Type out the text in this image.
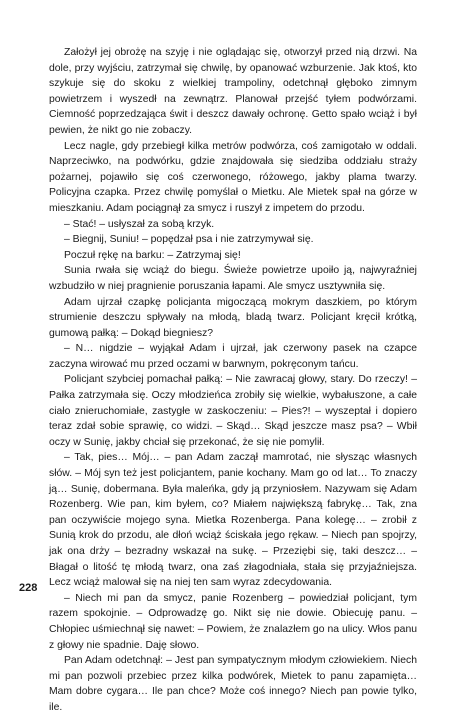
Założył jej obrożę na szyję i nie oglądając się, otworzył przed nią drzwi. Na dole, przy wyjściu, zatrzymał się chwilę, by opanować wzburzenie. Jak ktoś, kto szykuje się do skoku z wielkiej trampoliny, odetchnął głęboko zimnym powietrzem i wyszedł na zewnątrz. Planował przejść tyłem podwórzami. Ciemność poprzedzająca świt i deszcz dawały ochronę. Getto spało wciąż i był pewien, że nikt go nie zobaczy.

Lecz nagle, gdy przebiegł kilka metrów podwórza, coś zamigotało w oddali. Naprzeciwko, na podwórku, gdzie znajdowała się siedziba oddziału straży pożarnej, pojawiło się coś czerwonego, różowego, jakby plama twarzy. Policyjna czapka. Przez chwilę pomyślał o Mietku. Ale Mietek spał na górze w mieszkaniu. Adam pociągnął za smycz i ruszył z impetem do przodu.

– Stać! – usłyszał za sobą krzyk.

– Biegnij, Suniu! – popędzał psa i nie zatrzymywał się.

Poczuł rękę na barku: – Zatrzymaj się!

Sunia rwała się wciąż do biegu. Świeże powietrze upoiło ją, najwyraźniej wzbudziło w niej pragnienie poruszania łapami. Ale smycz usztywniła się.

Adam ujrzał czapkę policjanta migoczącą mokrym daszkiem, po którym strumienie deszczu spływały na młodą, bladą twarz. Policjant kręcił krótką, gumową pałką: – Dokąd biegniesz?

– N… nigdzie – wyjąkał Adam i ujrzał, jak czerwony pasek na czapce zaczyna wirować mu przed oczami w barwnym, pokręconym tańcu.

Policjant szybciej pomachał pałką: – Nie zawracaj głowy, stary. Do rzeczy! – Pałka zatrzymała się. Oczy młodzieńca zrobiły się wielkie, wybałuszone, a całe ciało znieruchomiałe, zastygłe w zaskoczeniu: – Pies?! – wyszeptał i dopiero teraz zdał sobie sprawię, co widzi. – Skąd… Skąd jeszcze masz psa? – Wbił oczy w Sunię, jakby chciał się przekonać, że się nie pomylił.

– Tak, pies… Mój… – pan Adam zaczął mamrotać, nie słysząc własnych słów. – Mój syn też jest policjantem, panie kochany. Mam go od lat… To znaczy ją… Sunię, dobermana. Była maleńka, gdy ją przyniosłem. Nazywam się Adam Rozenberg. Wie pan, kim byłem, co? Miałem największą fabrykę… Tak, zna pan oczywiście mojego syna. Mietka Rozenberga. Pana kolegę… – zrobił z Sunią krok do przodu, ale dłoń wciąż ściskała jego rękaw. – Niech pan spojrzy, jak ona drży – bezradny wskazał na sukę. – Przeziębi się, taki deszcz… – Błagał o litość tę młodą twarz, ona zaś złagodniała, stała się przyjaźniejsza. Lecz wciąż malował się na niej ten sam wyraz zdecydowania.

– Niech mi pan da smycz, panie Rozenberg – powiedział policjant, tym razem spokojnie. – Odprowadzę go. Nikt się nie dowie. Obiecuję panu. – Chłopiec uśmiechnął się nawet: – Powiem, że znalazłem go na ulicy. Włos panu z głowy nie spadnie. Daję słowo.

Pan Adam odetchnął: – Jest pan sympatycznym młodym człowiekiem. Niech mi pan pozwoli przebiec przez kilka podwórek, Mietek to panu zapamięta… Mam dobre cygara… Ile pan chce? Może coś innego? Niech pan powie tylko, ile.

228
